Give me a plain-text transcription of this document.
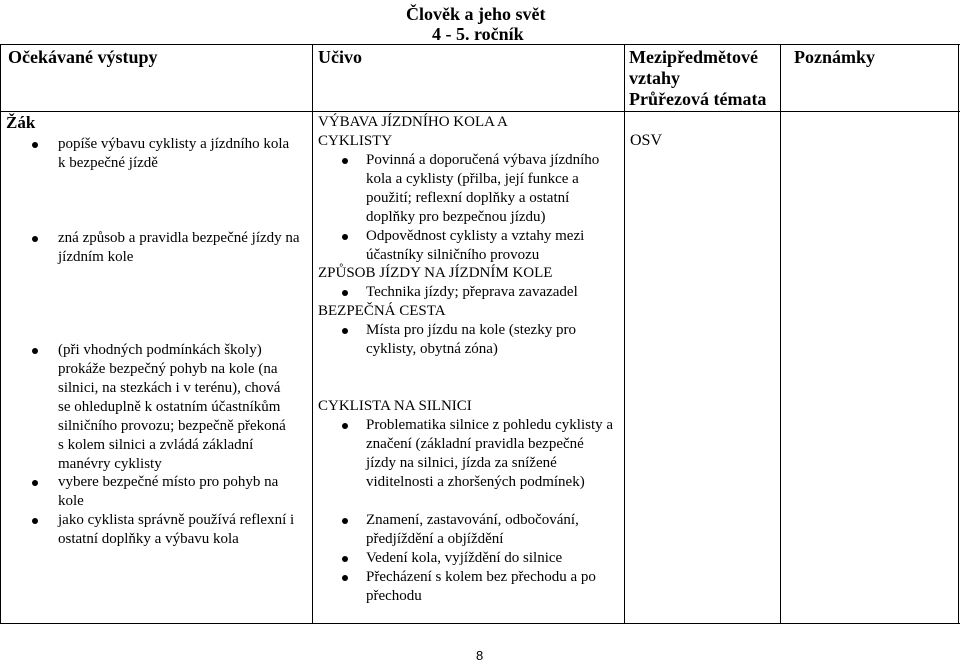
Člověk a jeho svět
4 - 5. ročník
Očekávané výstupy	Učivo	Mezipředmětové
vztahy
Průřezová témata
Poznámky
Žák
popíše výbavu cyklisty a jízdního kola k bezpečné jízdě
zná způsob a pravidla bezpečné jízdy na jízdním kole
(při vhodných podmínkách školy) prokáže bezpečný pohyb na kole (na silnici, na stezkách i v terénu), chová se ohleduplně k ostatním účastníkům silničního provozu; bezpečně překoná s kolem silnici a zvládá základní manévry cyklisty
vybere bezpečné místo pro pohyb na kole
jako cyklista správně používá reflexní i ostatní doplňky a výbavu kola
VÝBAVA JÍZDNÍHO KOLA A CYKLISTY
Povinná a doporučená výbava jízdního kola a cyklisty (přilba, její funkce a použití; reflexní doplňky a ostatní doplňky pro bezpečnou jízdu)
Odpovědnost cyklisty a vztahy mezi účastníky silničního provozu
ZPŮSOB JÍZDY NA JÍZDNÍM KOLE
Technika jízdy; přeprava zavazadel
BEZPEČNÁ CESTA
Místa pro jízdu na kole (stezky pro cyklisty, obytná zóna)
CYKLISTA NA SILNICI
Problematika silnice z pohledu cyklisty a značení (základní pravidla bezpečné jízdy na silnici, jízda za snížené viditelnosti a zhoršených podmínek)
Znamení, zastavování, odbočování, předjíždění a objíždění
Vedení kola, vyjíždění do silnice
Přecházení s kolem bez přechodu a po přechodu
OSV
8
